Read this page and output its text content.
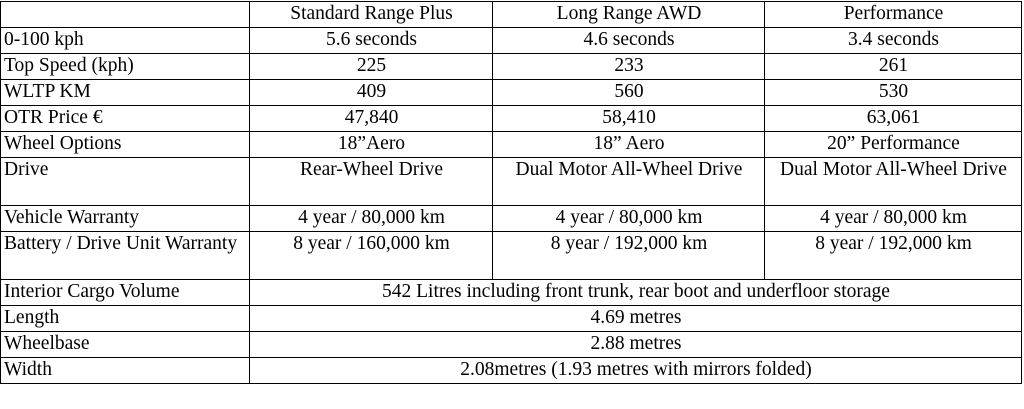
	Standard Range Plus	Long Range AWD	Performance
0-100 kph	5.6 seconds	4.6 seconds	3.4 seconds
Top Speed (kph)	225	233	261
WLTP KM	409	560	530
OTR Price €	47,840	58,410	63,061
Wheel Options	18”Aero	18” Aero	20” Performance
Drive	Rear-Wheel Drive	Dual Motor All-Wheel Drive	Dual Motor All-Wheel Drive
Vehicle Warranty	4 year / 80,000 km	4 year / 80,000 km	4 year / 80,000 km
Battery / Drive Unit Warranty	8 year / 160,000 km	8 year / 192,000 km	8 year / 192,000 km
Interior Cargo Volume	542 Litres including front trunk, rear boot and underfloor storage		
Length	4.69 metres		
Wheelbase	2.88 metres		
Width	2.08metres (1.93 metres with mirrors folded)		
